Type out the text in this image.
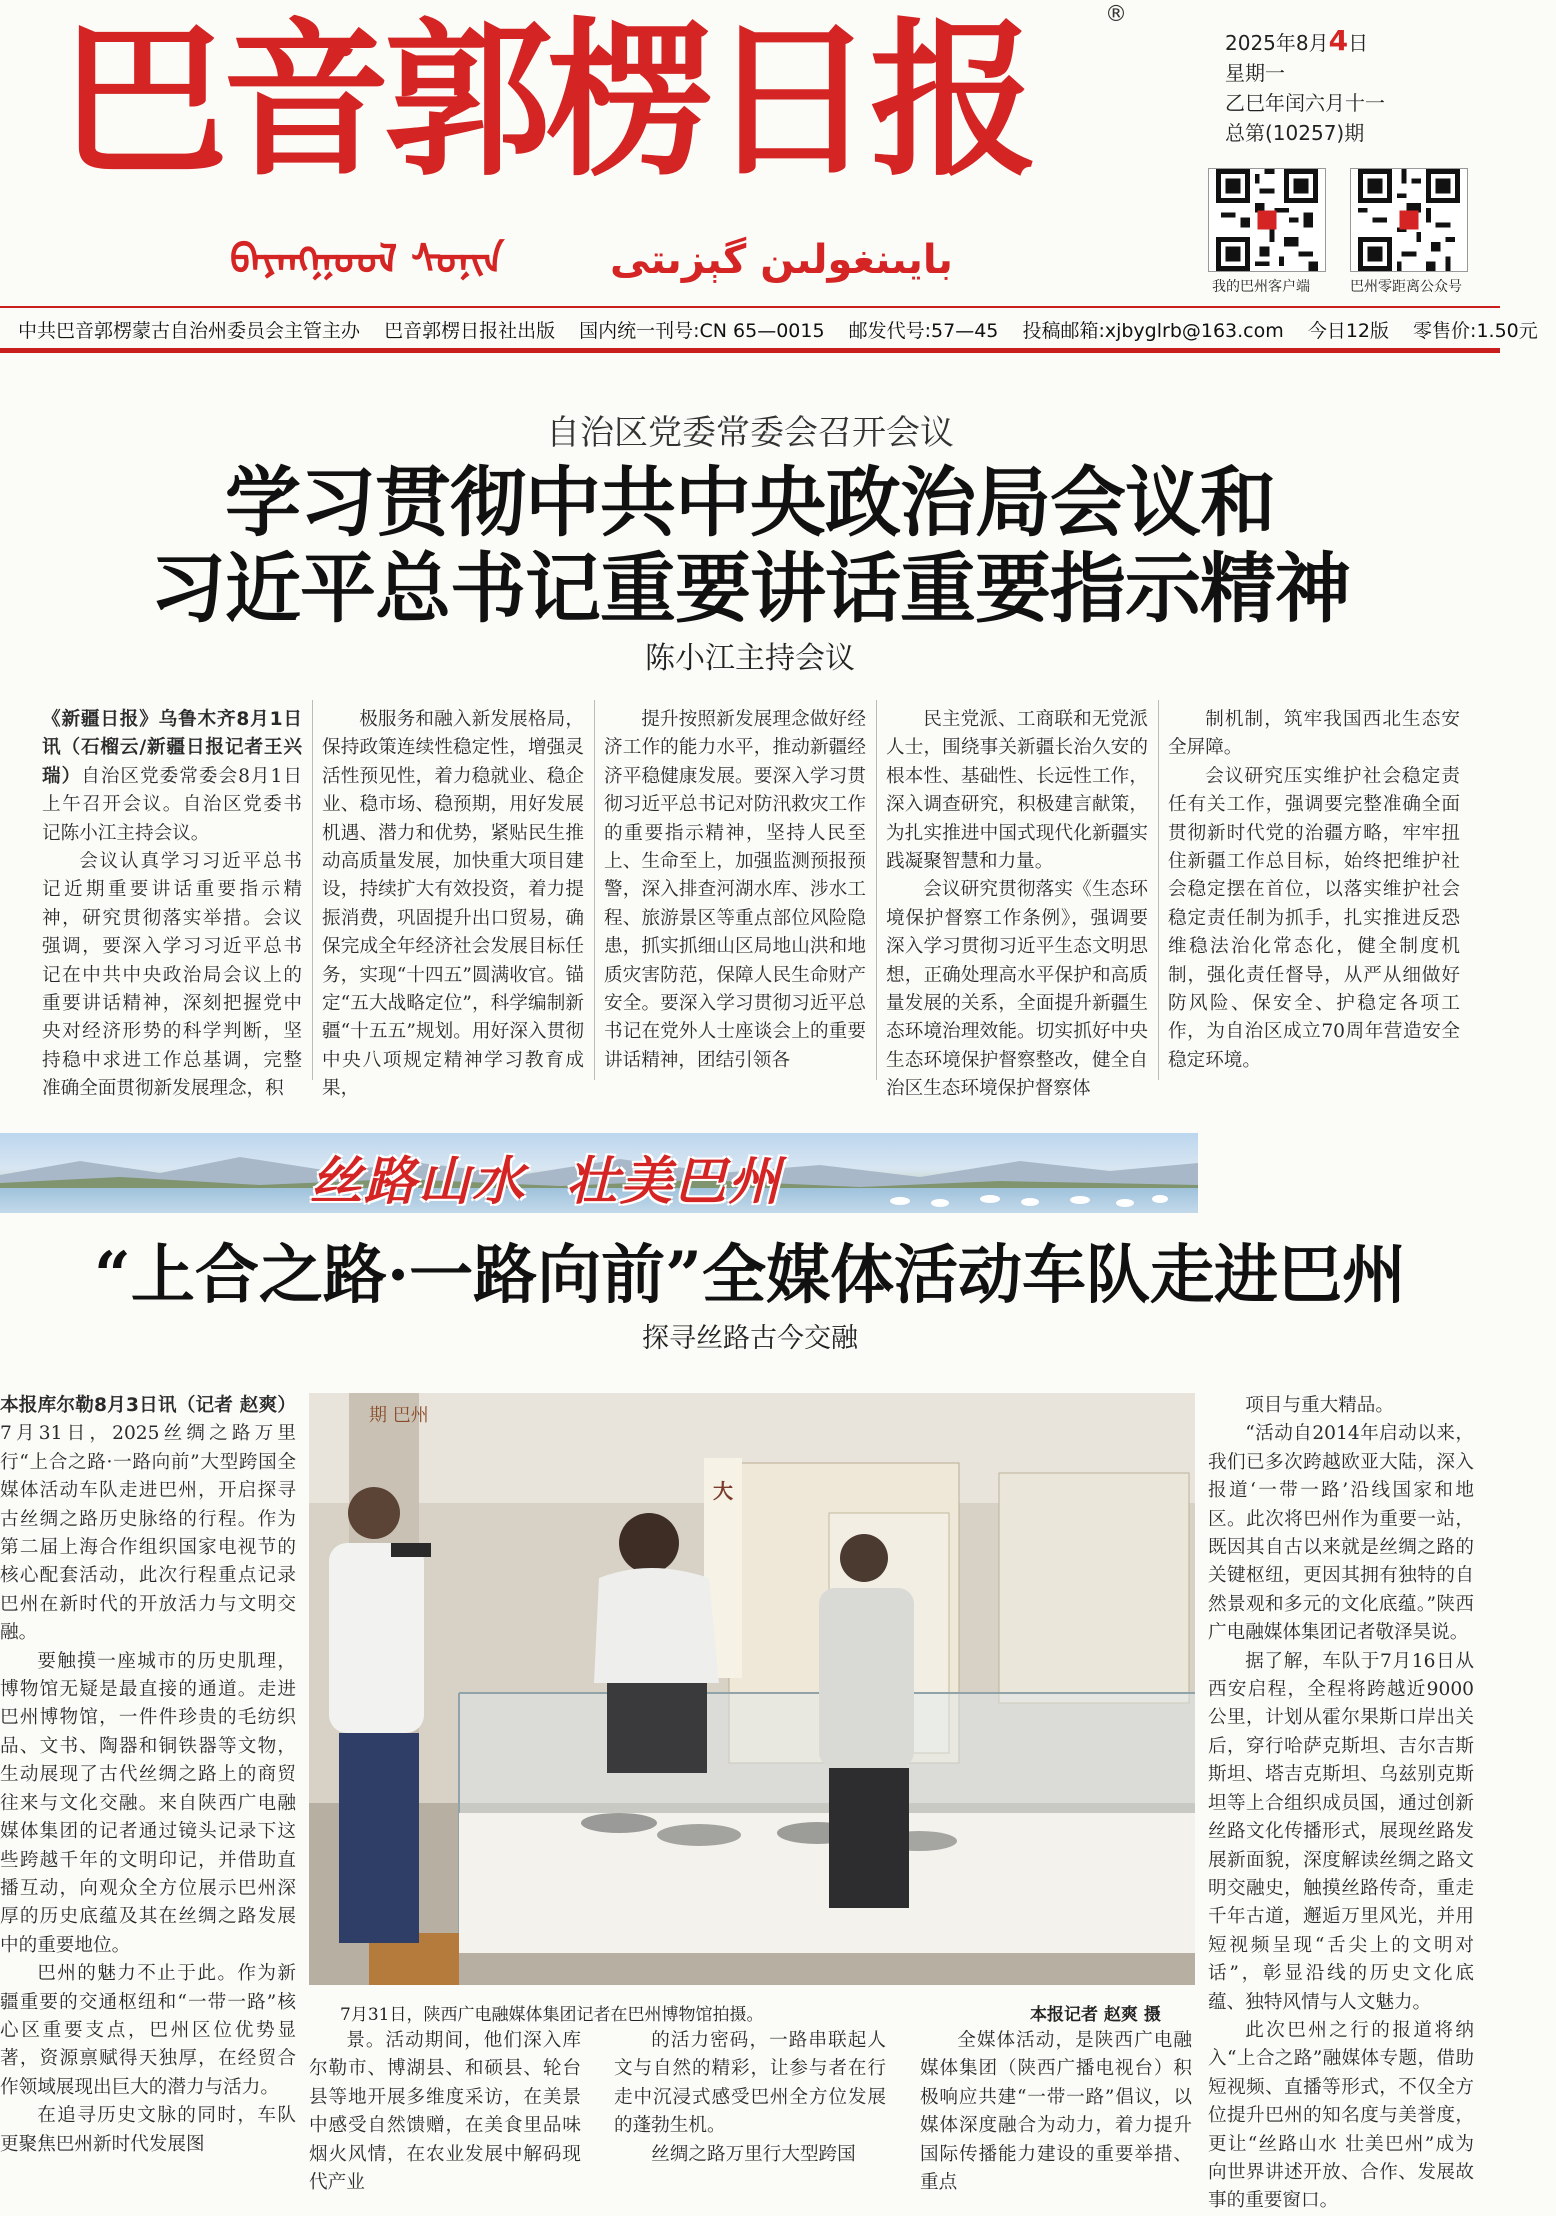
巴音郭楞日报	®
ᠪᠠᠶᠠᠩᠭᠣᠣᠯ ᠰᠣᠨᠢᠨ	بايىنغولىن گېزىتى
2025年8月4日
星期一
乙巳年闰六月十一
总第(10257)期
我的巴州客户端	巴州零距离公众号
中共巴音郭楞蒙古自治州委员会主管主办 巴音郭楞日报社出版 国内统一刊号:CN 65—0015 邮发代号:57—45 投稿邮箱:xjbyglrb@163.com 今日12版 零售价:1.50元
自治区党委常委会召开会议
学习贯彻中共中央政治局会议和
习近平总书记重要讲话重要指示精神
陈小江主持会议

《新疆日报》乌鲁木齐8月1日讯（石榴云/新疆日报记者王兴瑞）自治区党委常委会8月1日上午召开会议。自治区党委书记陈小江主持会议。

会议认真学习习近平总书记近期重要讲话重要指示精神，研究贯彻落实举措。会议强调，要深入学习习近平总书记在中共中央政治局会议上的重要讲话精神，深刻把握党中央对经济形势的科学判断，坚持稳中求进工作总基调，完整准确全面贯彻新发展理念，积

极服务和融入新发展格局，保持政策连续性稳定性，增强灵活性预见性，着力稳就业、稳企业、稳市场、稳预期，用好发展机遇、潜力和优势，紧贴民生推动高质量发展，加快重大项目建设，持续扩大有效投资，着力提振消费，巩固提升出口贸易，确保完成全年经济社会发展目标任务，实现“十四五”圆满收官。锚定“五大战略定位”，科学编制新疆“十五五”规划。用好深入贯彻中央八项规定精神学习教育成果，

提升按照新发展理念做好经济工作的能力水平，推动新疆经济平稳健康发展。要深入学习贯彻习近平总书记对防汛救灾工作的重要指示精神，坚持人民至上、生命至上，加强监测预报预警，深入排查河湖水库、涉水工程、旅游景区等重点部位风险隐患，抓实抓细山区局地山洪和地质灾害防范，保障人民生命财产安全。要深入学习贯彻习近平总书记在党外人士座谈会上的重要讲话精神，团结引领各

民主党派、工商联和无党派人士，围绕事关新疆长治久安的根本性、基础性、长远性工作，深入调查研究，积极建言献策，为扎实推进中国式现代化新疆实践凝聚智慧和力量。

会议研究贯彻落实《生态环境保护督察工作条例》，强调要深入学习贯彻习近平生态文明思想，正确处理高水平保护和高质量发展的关系，全面提升新疆生态环境治理效能。切实抓好中央生态环境保护督察整改，健全自治区生态环境保护督察体

制机制，筑牢我国西北生态安全屏障。

会议研究压实维护社会稳定责任有关工作，强调要完整准确全面贯彻新时代党的治疆方略，牢牢扭住新疆工作总目标，始终把维护社会稳定摆在首位，以落实维护社会稳定责任制为抓手，扎实推进反恐维稳法治化常态化，健全制度机制，强化责任督导，从严从细做好防风险、保安全、护稳定各项工作，为自治区成立70周年营造安全稳定环境。

丝路山水 壮美巴州
“上合之路·一路向前”全媒体活动车队走进巴州
探寻丝路古今交融

本报库尔勒8月3日讯（记者 赵爽）7月31日，2025丝绸之路万里行“上合之路·一路向前”大型跨国全媒体活动车队走进巴州，开启探寻古丝绸之路历史脉络的行程。作为第二届上海合作组织国家电视节的核心配套活动，此次行程重点记录巴州在新时代的开放活力与文明交融。

要触摸一座城市的历史肌理，博物馆无疑是最直接的通道。走进巴州博物馆，一件件珍贵的毛纺织品、文书、陶器和铜铁器等文物，生动展现了古代丝绸之路上的商贸往来与文化交融。来自陕西广电融媒体集团的记者通过镜头记录下这些跨越千年的文明印记，并借助直播互动，向观众全方位展示巴州深厚的历史底蕴及其在丝绸之路发展中的重要地位。

巴州的魅力不止于此。作为新疆重要的交通枢纽和“一带一路”核心区重要支点，巴州区位优势显著，资源禀赋得天独厚，在经贸合作领域展现出巨大的潜力与活力。

在追寻历史文脉的同时，车队更聚焦巴州新时代发展图

大
期 巴州
7月31日，陕西广电融媒体集团记者在巴州博物馆拍摄。	本报记者 赵爽 摄

项目与重大精品。

“活动自2014年启动以来，我们已多次跨越欧亚大陆，深入报道‘一带一路’沿线国家和地区。此次将巴州作为重要一站，既因其自古以来就是丝绸之路的关键枢纽，更因其拥有独特的自然景观和多元的文化底蕴。”陕西广电融媒体集团记者敬泽昊说。

据了解，车队于7月16日从西安启程，全程将跨越近9000公里，计划从霍尔果斯口岸出关后，穿行哈萨克斯坦、吉尔吉斯斯坦、塔吉克斯坦、乌兹别克斯坦等上合组织成员国，通过创新丝路文化传播形式，展现丝路发展新面貌，深度解读丝绸之路文明交融史，触摸丝路传奇，重走千年古道，邂逅万里风光，并用短视频呈现“舌尖上的文明对话”，彰显沿线的历史文化底蕴、独特风情与人文魅力。

此次巴州之行的报道将纳入“上合之路”融媒体专题，借助短视频、直播等形式，不仅全方位提升巴州的知名度与美誉度，更让“丝路山水 壮美巴州”成为向世界讲述开放、合作、发展故事的重要窗口。

景。活动期间，他们深入库尔勒市、博湖县、和硕县、轮台县等地开展多维度采访，在美景中感受自然馈赠，在美食里品味烟火风情，在农业发展中解码现代产业

的活力密码，一路串联起人文与自然的精彩，让参与者在行走中沉浸式感受巴州全方位发展的蓬勃生机。

丝绸之路万里行大型跨国

全媒体活动，是陕西广电融媒体集团（陕西广播电视台）积极响应共建“一带一路”倡议，以媒体深度融合为动力，着力提升国际传播能力建设的重要举措、重点
